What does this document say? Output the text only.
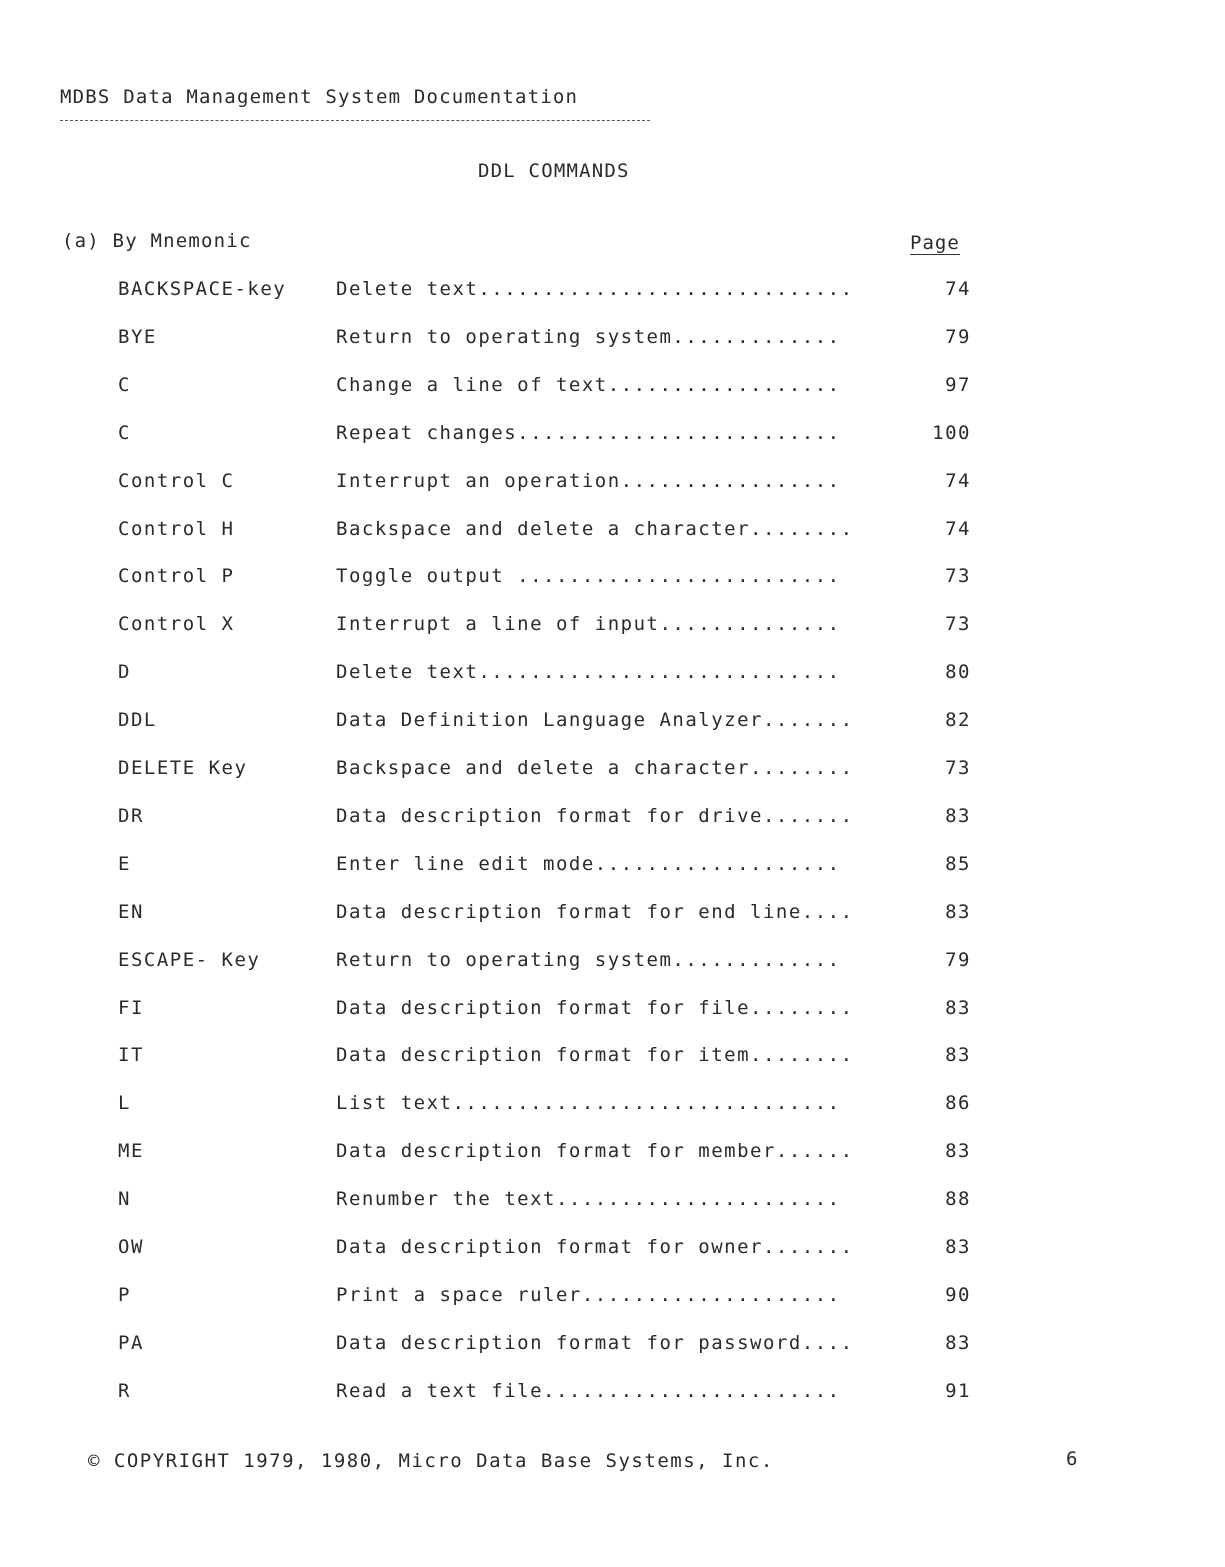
MDBS Data Management System Documentation
DDL COMMANDS
(a) By Mnemonic	Page
BACKSPACE-key	Delete text.............................	74
BYE	Return to operating system.............	79
C	Change a line of text..................	97
C	Repeat changes.........................	100
Control C	Interrupt an operation.................	74
Control H	Backspace and delete a character........	74
Control P	Toggle output .........................	73
Control X	Interrupt a line of input..............	73
D	Delete text............................	80
DDL	Data Definition Language Analyzer.......	82
DELETE Key	Backspace and delete a character........	73
DR	Data description format for drive.......	83
E	Enter line edit mode...................	85
EN	Data description format for end line....	83
ESCAPE- Key	Return to operating system.............	79
FI	Data description format for file........	83
IT	Data description format for item........	83
L	List text..............................	86
ME	Data description format for member......	83
N	Renumber the text......................	88
OW	Data description format for owner.......	83
P	Print a space ruler....................	90
PA	Data description format for password....	83
R	Read a text file.......................	91
© COPYRIGHT 1979, 1980, Micro Data Base Systems, Inc.	6
